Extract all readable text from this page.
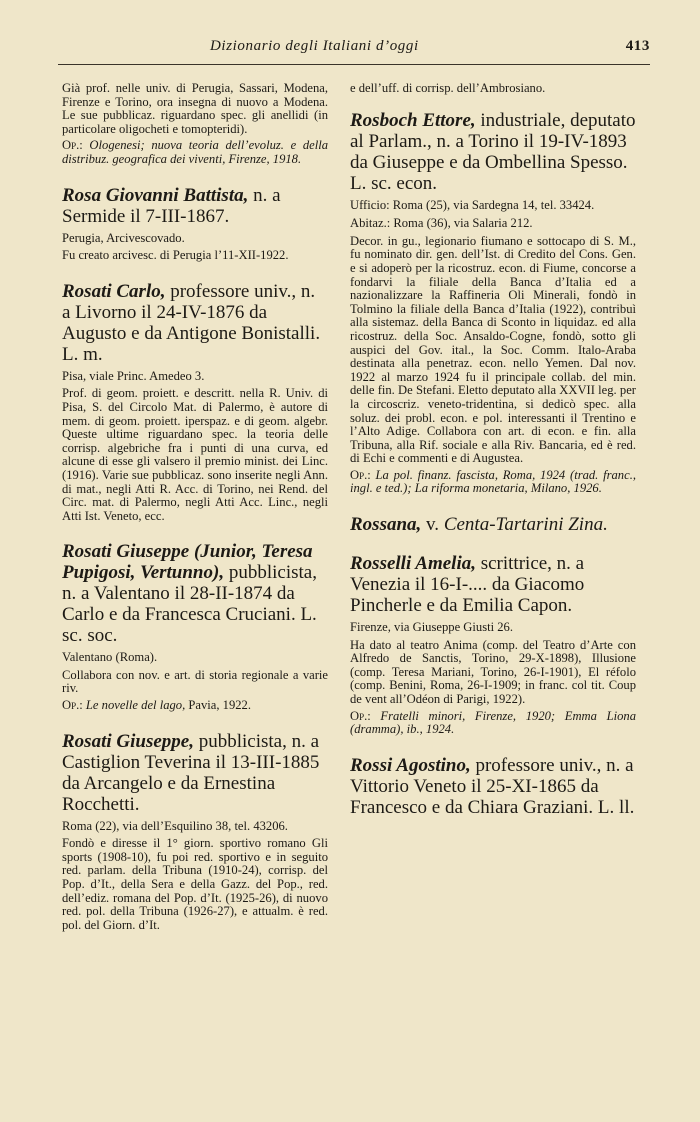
Dizionario degli Italiani d’oggi	413

Già prof. nelle univ. di Perugia, Sassari, Modena, Firenze e Torino, ora insegna di nuovo a Modena. Le sue pubblicaz. riguardano spec. gli anellidi (in particolare oligocheti e tomopteridi).

Op.: Ologenesi; nuova teoria dell’evoluz. e della distribuz. geografica dei viventi, Firenze, 1918.

Rosa Giovanni Battista, n. a Sermide il 7-III-1867.

Perugia, Arcivescovado.

Fu creato arcivesc. di Perugia l’11-XII-1922.

Rosati Carlo, professore univ., n. a Livorno il 24-IV-1876 da Augusto e da Antigone Bonistalli. L. m.

Pisa, viale Princ. Amedeo 3.

Prof. di geom. proiett. e descritt. nella R. Univ. di Pisa, S. del Circolo Mat. di Palermo, è autore di mem. di geom. proiett. iperspaz. e di geom. algebr. Queste ultime riguardano spec. la teoria delle corrisp. algebriche fra i punti di una curva, ed alcune di esse gli valsero il premio minist. dei Linc. (1916). Varie sue pubblicaz. sono inserite negli Ann. di mat., negli Atti R. Acc. di Torino, nei Rend. del Circ. mat. di Palermo, negli Atti Acc. Linc., negli Atti Ist. Veneto, ecc.

Rosati Giuseppe (Junior, Teresa Pupigosi, Vertunno), pubblicista, n. a Valentano il 28-II-1874 da Carlo e da Francesca Cruciani. L. sc. soc.

Valentano (Roma).

Collabora con nov. e art. di storia regionale a varie riv.

Op.: Le novelle del lago, Pavia, 1922.

Rosati Giuseppe, pubblicista, n. a Castiglion Teverina il 13-III-1885 da Arcangelo e da Ernestina Rocchetti.

Roma (22), via dell’Esquilino 38, tel. 43206.

Fondò e diresse il 1° giorn. sportivo romano Gli sports (1908-10), fu poi red. sportivo e in seguito red. parlam. della Tribuna (1910-24), corrisp. del Pop. d’It., della Sera e della Gazz. del Pop., red. dell’ediz. romana del Pop. d’It. (1925-26), di nuovo red. pol. della Tribuna (1926-27), e attualm. è red. pol. del Giorn. d’It.

e dell’uff. di corrisp. dell’Ambrosiano.

Rosboch Ettore, industriale, deputato al Parlam., n. a Torino il 19-IV-1893 da Giuseppe e da Ombellina Spesso. L. sc. econ.

Ufficio: Roma (25), via Sardegna 14, tel. 33424.

Abitaz.: Roma (36), via Salaria 212.

Decor. in gu., legionario fiumano e sottocapo di S. M., fu nominato dir. gen. dell’Ist. di Credito del Cons. Gen. e si adoperò per la ricostruz. econ. di Fiume, concorse a fondarvi la filiale della Banca d’Italia ed a nazionalizzare la Raffineria Oli Minerali, fondò in Tolmino la filiale della Banca d’Italia (1922), contribuì alla sistemaz. della Banca di Sconto in liquidaz. ed alla ricostruz. della Soc. Ansaldo-Cogne, fondò, sotto gli auspici del Gov. ital., la Soc. Comm. Italo-Araba destinata alla penetraz. econ. nello Yemen. Dal nov. 1922 al marzo 1924 fu il principale collab. del min. delle fin. De Stefani. Eletto deputato alla XXVII leg. per la circoscriz. veneto-tridentina, si dedicò spec. alla soluz. dei probl. econ. e pol. interessanti il Trentino e l’Alto Adige. Collabora con art. di econ. e fin. alla Tribuna, alla Rif. sociale e alla Riv. Bancaria, ed è red. di Echi e commenti e di Augustea.

Op.: La pol. finanz. fascista, Roma, 1924 (trad. franc., ingl. e ted.); La riforma monetaria, Milano, 1926.

Rossana, v. Centa-Tartarini Zina.

Rosselli Amelia, scrittrice, n. a Venezia il 16-I-.... da Giacomo Pincherle e da Emilia Capon.

Firenze, via Giuseppe Giusti 26.

Ha dato al teatro Anima (comp. del Teatro d’Arte con Alfredo de Sanctis, Torino, 29-X-1898), Illusione (comp. Teresa Mariani, Torino, 26-I-1901), El réfolo (comp. Benini, Roma, 26-I-1909; in franc. col tit. Coup de vent all’Odéon di Parigi, 1922).

Op.: Fratelli minori, Firenze, 1920; Emma Liona (dramma), ib., 1924.

Rossi Agostino, professore univ., n. a Vittorio Veneto il 25-XI-1865 da Francesco e da Chiara Graziani. L. ll.
